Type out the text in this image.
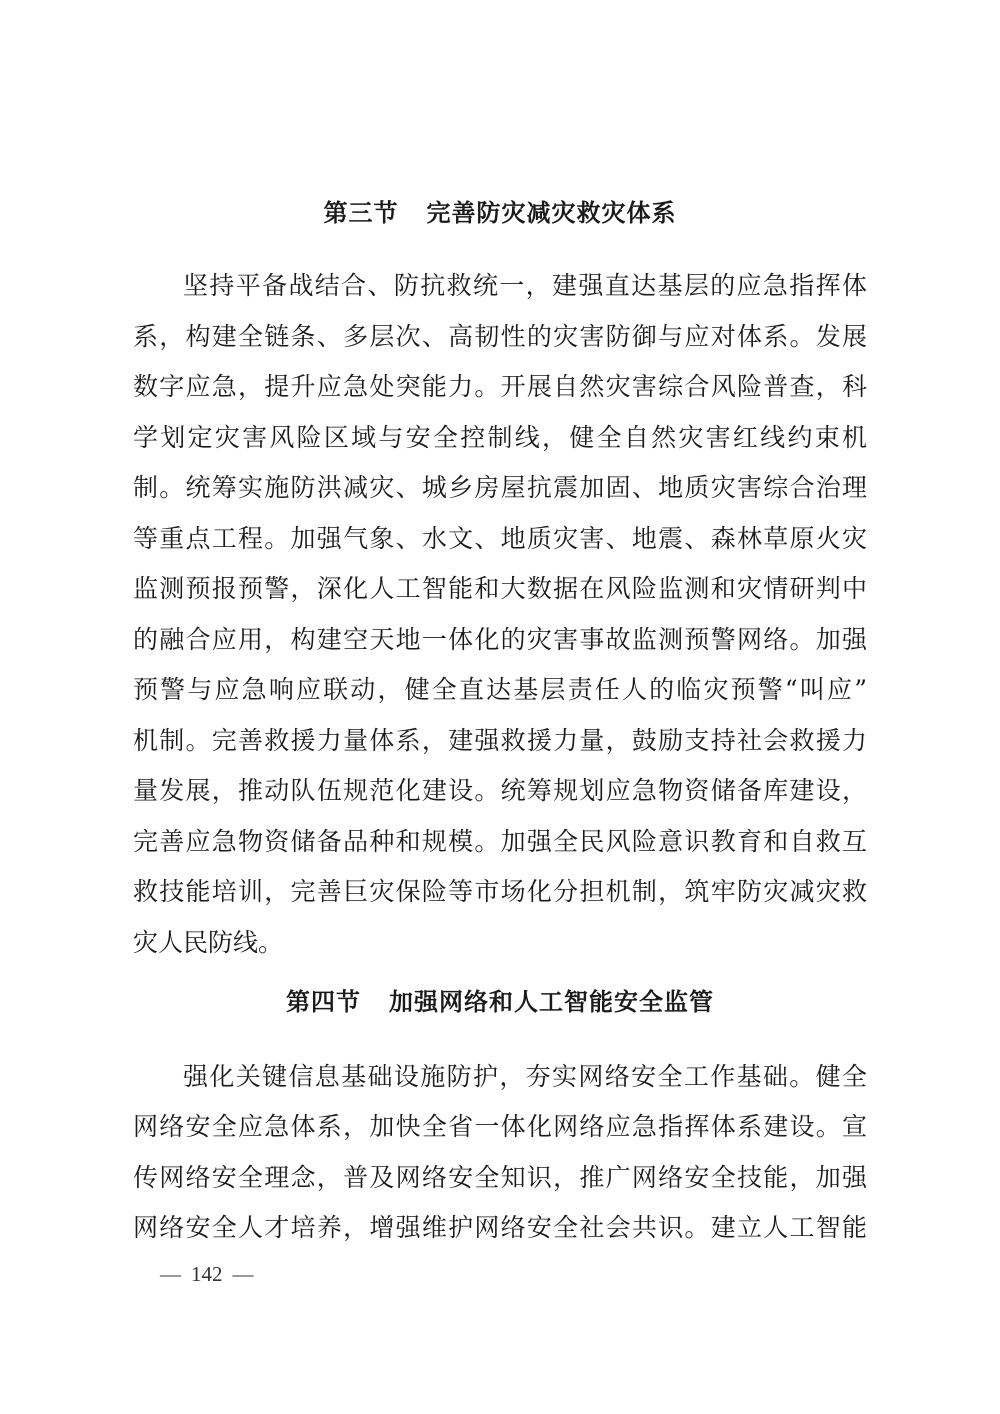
第三节 完善防灾减灾救灾体系
坚持平备战结合、防抗救统一，建强直达基层的应急指挥体
系，构建全链条、多层次、高韧性的灾害防御与应对体系。发展
数字应急，提升应急处突能力。开展自然灾害综合风险普查，科
学划定灾害风险区域与安全控制线，健全自然灾害红线约束机
制。统筹实施防洪减灾、城乡房屋抗震加固、地质灾害综合治理
等重点工程。加强气象、水文、地质灾害、地震、森林草原火灾
监测预报预警，深化人工智能和大数据在风险监测和灾情研判中
的融合应用，构建空天地一体化的灾害事故监测预警网络。加强
预警与应急响应联动，健全直达基层责任人的临灾预警“叫应”
机制。完善救援力量体系，建强救援力量，鼓励支持社会救援力
量发展，推动队伍规范化建设。统筹规划应急物资储备库建设，
完善应急物资储备品种和规模。加强全民风险意识教育和自救互
救技能培训，完善巨灾保险等市场化分担机制，筑牢防灾减灾救
灾人民防线。
第四节 加强网络和人工智能安全监管
强化关键信息基础设施防护，夯实网络安全工作基础。健全
网络安全应急体系，加快全省一体化网络应急指挥体系建设。宣
传网络安全理念，普及网络安全知识，推广网络安全技能，加强
网络安全人才培养，增强维护网络安全社会共识。建立人工智能
— 142 —
